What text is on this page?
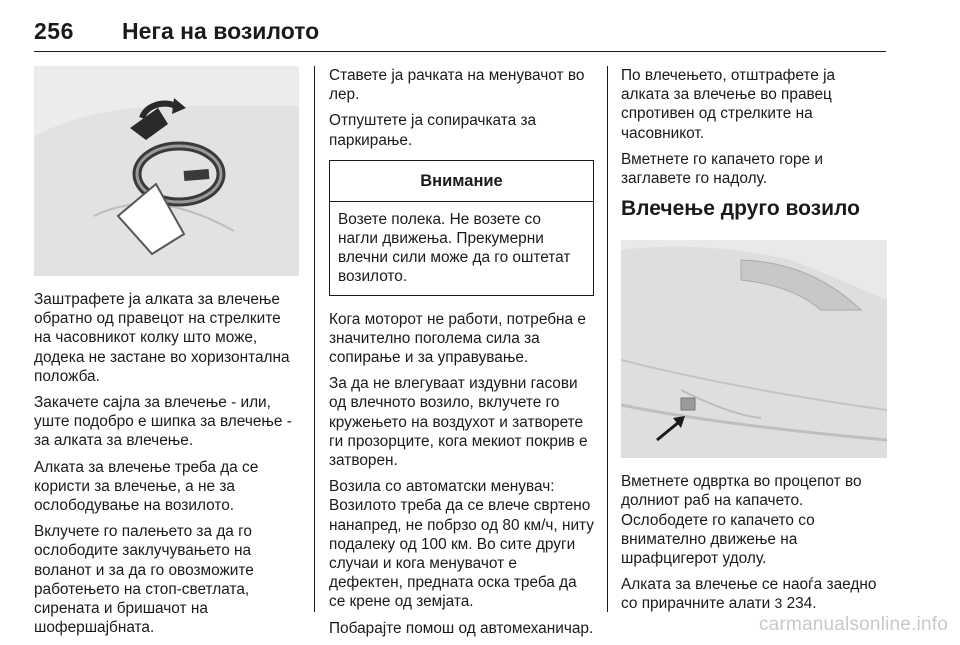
256 Нега на возилото

Заштрафете ја алката за влечење обратно од правецот на стрелките на часовникот колку што може, додека не застане во хоризонтална положба.

Закачете сајла за влечење - или, уште подобро е шипка за влечење - за алката за влечење.

Алката за влечење треба да се користи за влечење, а не за ослободување на возилото.

Вклучете го палењето за да го ослободите заклучувањето на воланот и за да го овозможите работењето на стоп-светлата, сирената и бришачот на шофершајбната.

Ставете ја рачката на менувачот во лер.

Отпуштете ја сопирачката за паркирање.

Внимание

Возете полека. Не возете со нагли движења. Прекумерни влечни сили може да го оштетат возилото.

Кога моторот не работи, потребна е значително поголема сила за сопирање и за управување.

За да не влегуваат издувни гасови од влечното возило, вклучете го кружењето на воздухот и затворете ги прозорците, кога мекиот покрив е затворен.

Возила со автоматски менувач: Возилото треба да се влече свртено нанапред, не побрзо од 80 км/ч, ниту подалеку од 100 км. Во сите други случаи и кога менувачот е дефектен, предната оска треба да се крене од земјата.

Побарајте помош од автомеханичар.

По влечењето, отштрафете ја алката за влечење во правец спротивен од стрелките на часовникот.

Вметнете го капачето горе и заглавете го надолу.

Влечење друго возило

Вметнете одвртка во процепот во долниот раб на капачето. Ослободете го капачето со внимателно движење на шрафцигерот удолу.

Алката за влечење се наоѓа заедно со прирачните алати 3 234.

carmanualsonline.info
